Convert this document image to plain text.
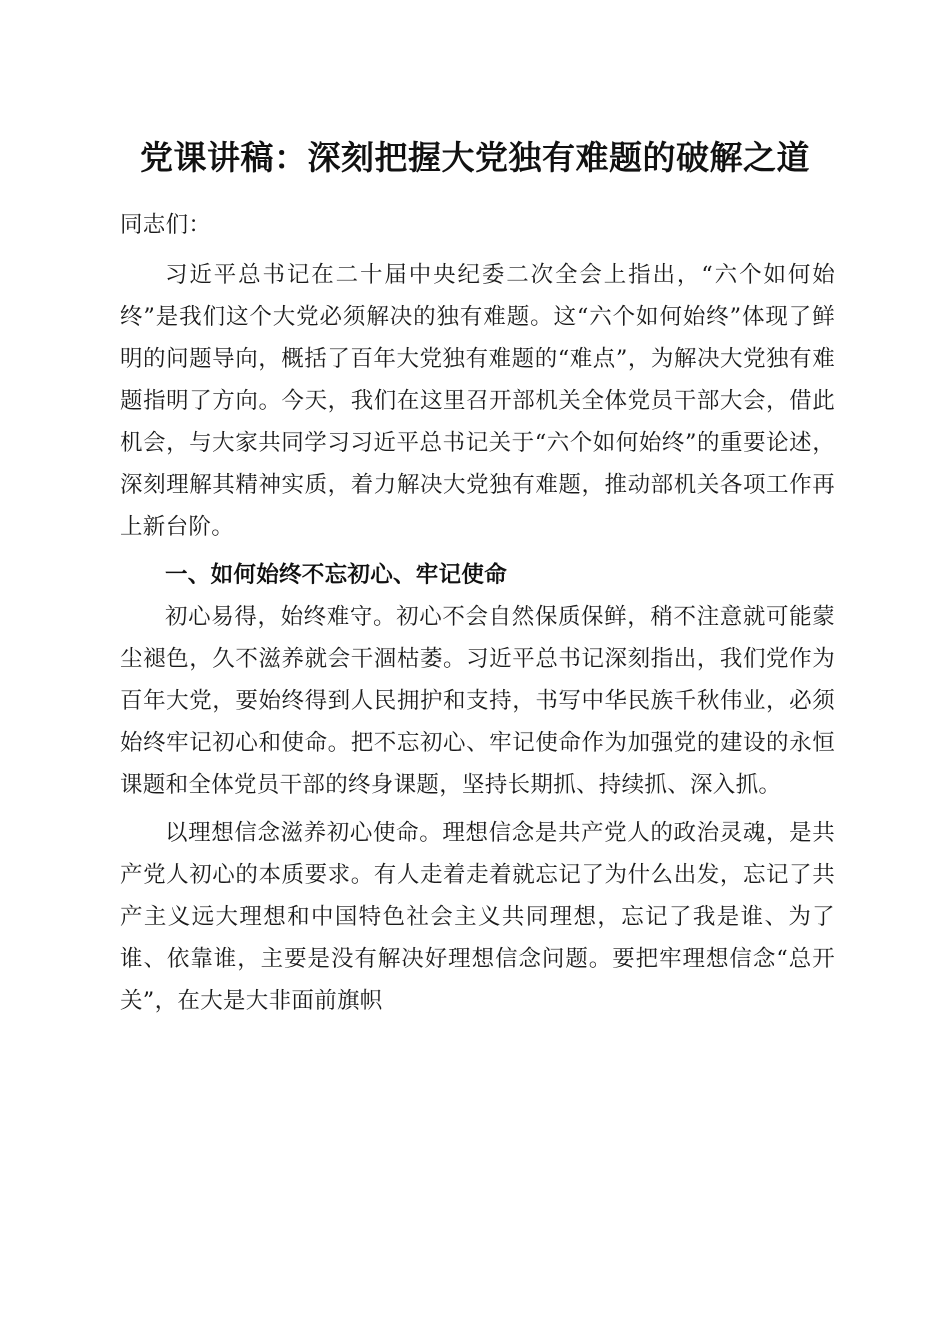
党课讲稿：深刻把握大党独有难题的破解之道

同志们：

习近平总书记在二十届中央纪委二次全会上指出，“六个如何始终”是我们这个大党必须解决的独有难题。这“六个如何始终”体现了鲜明的问题导向，概括了百年大党独有难题的“难点”，为解决大党独有难题指明了方向。今天，我们在这里召开部机关全体党员干部大会，借此机会，与大家共同学习习近平总书记关于“六个如何始终”的重要论述，深刻理解其精神实质，着力解决大党独有难题，推动部机关各项工作再上新台阶。

一、如何始终不忘初心、牢记使命

初心易得，始终难守。初心不会自然保质保鲜，稍不注意就可能蒙尘褪色，久不滋养就会干涸枯萎。习近平总书记深刻指出，我们党作为百年大党，要始终得到人民拥护和支持，书写中华民族千秋伟业，必须始终牢记初心和使命。把不忘初心、牢记使命作为加强党的建设的永恒课题和全体党员干部的终身课题，坚持长期抓、持续抓、深入抓。

以理想信念滋养初心使命。理想信念是共产党人的政治灵魂，是共产党人初心的本质要求。有人走着走着就忘记了为什么出发，忘记了共产主义远大理想和中国特色社会主义共同理想，忘记了我是谁、为了谁、依靠谁，主要是没有解决好理想信念问题。要把牢理想信念“总开关”，在大是大非面前旗帜
